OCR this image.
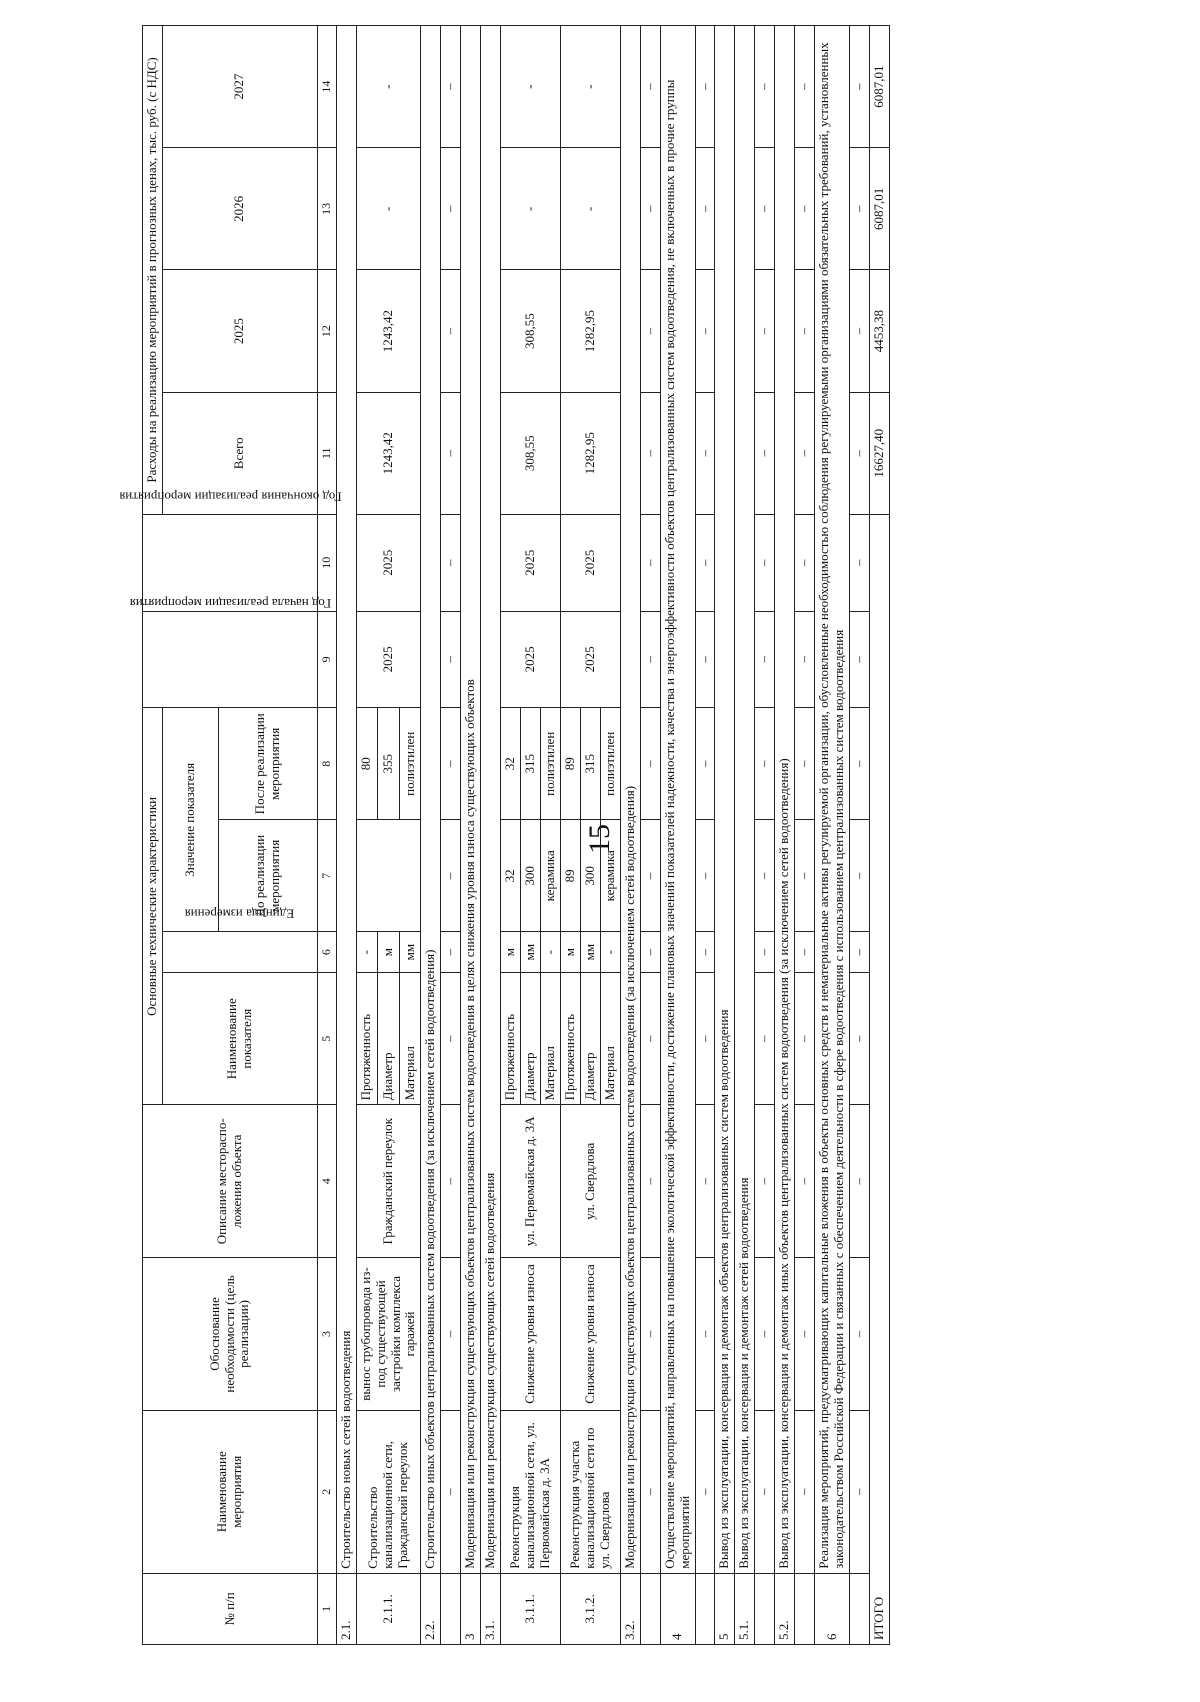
15
№ п/п	Наименование мероприятия	Обоснование необходимости (цель реализации)	Описание месторасположения объекта	Основные технические характеристики				Год начала реализации мероприятия	Год окончания реализации мероприятия	Расходы на реализацию мероприятий в прогнозных ценах, тыс. руб. (с НДС)			
				Наименование показателя	Единица измерения	Значение показателя				Всего	2025	2026	2027
						До реализации мероприятия	После реализации мероприятия						
1	2	3	4	5	6	7	8	9	10	11	12	13	14
2.1.	Строительство новых сетей водоотведения												
2.1.1.	Строительство канализационной сети, Гражданский переулок	вынос трубопровода из-под существующей застройки комплекса гаражей	Гражданский переулок	Протяженность	-		80	2025	2025	1243,42	1243,42	-	-
				Диаметр	м		355						
				Материал	мм		полиэтилен						
2.2.	Строительство иных объектов централизованных систем водоотведения (за исключением сетей водоотведения)												
	–	–	–	–	–	–	–	–	–	–	–	–	–
3	Модернизация или реконструкция существующих объектов централизованных систем водоотведения в целях снижения уровня износа существующих объектов												
3.1.	Модернизация или реконструкция существующих сетей водоотведения												
3.1.1.	Реконструкция канализационной сети, ул. Первомайская д. 3А	Снижение уровня износа	ул. Первомайская д. 3А	Протяженность	м	32	32	2025	2025	308,55	308,55	-	-
				Диаметр	мм	300	315						
				Материал	-	керамика	полиэтилен						
3.1.2.	Реконструкция участка канализационной сети по ул. Свердлова	Снижение уровня износа	ул. Свердлова	Протяженность	м	89	89	2025	2025	1282,95	1282,95	-	-
				Диаметр	мм	300	315						
				Материал	-	керамика	полиэтилен						
3.2.	Модернизация или реконструкция существующих объектов централизованных систем водоотведения (за исключением сетей водоотведения)												
	–	–	–	–	–	–	–	–	–	–	–	–	–
4	Осуществление мероприятий, направленных на повышение экологической эффективности, достижение плановых значений показателей надежности, качества и энергоэффективности объектов централизованных систем водоотведения, не включенных в прочие группы мероприятий												
	–	–	–	–	–	–	–	–	–	–	–	–	–
5	Вывод из эксплуатации, консервация и демонтаж объектов централизованных систем водоотведения												
5.1.	Вывод из эксплуатации, консервация и демонтаж сетей водоотведения												
	–	–	–	–	–	–	–	–	–	–	–	–	–
5.2.	Вывод из эксплуатации, консервация и демонтаж иных объектов централизованных систем водоотведения (за исключением сетей водоотведения)												
	–	–	–	–	–	–	–	–	–	–	–	–	–
6	Реализация мероприятий, предусматривающих капитальные вложения в объекты основных средств и нематериальные активы регулируемой организации, обусловленные необходимостью соблюдения регулируемыми организациями обязательных требований, установленных законодательством Российской Федерации и связанных с обеспечением деятельности в сфере водоотведения с использованием централизованных систем водоотведения												
	–	–	–	–	–	–	–	–	–	–	–	–	–
ИТОГО										16627,40	4453,38	6087,01	6087,01
